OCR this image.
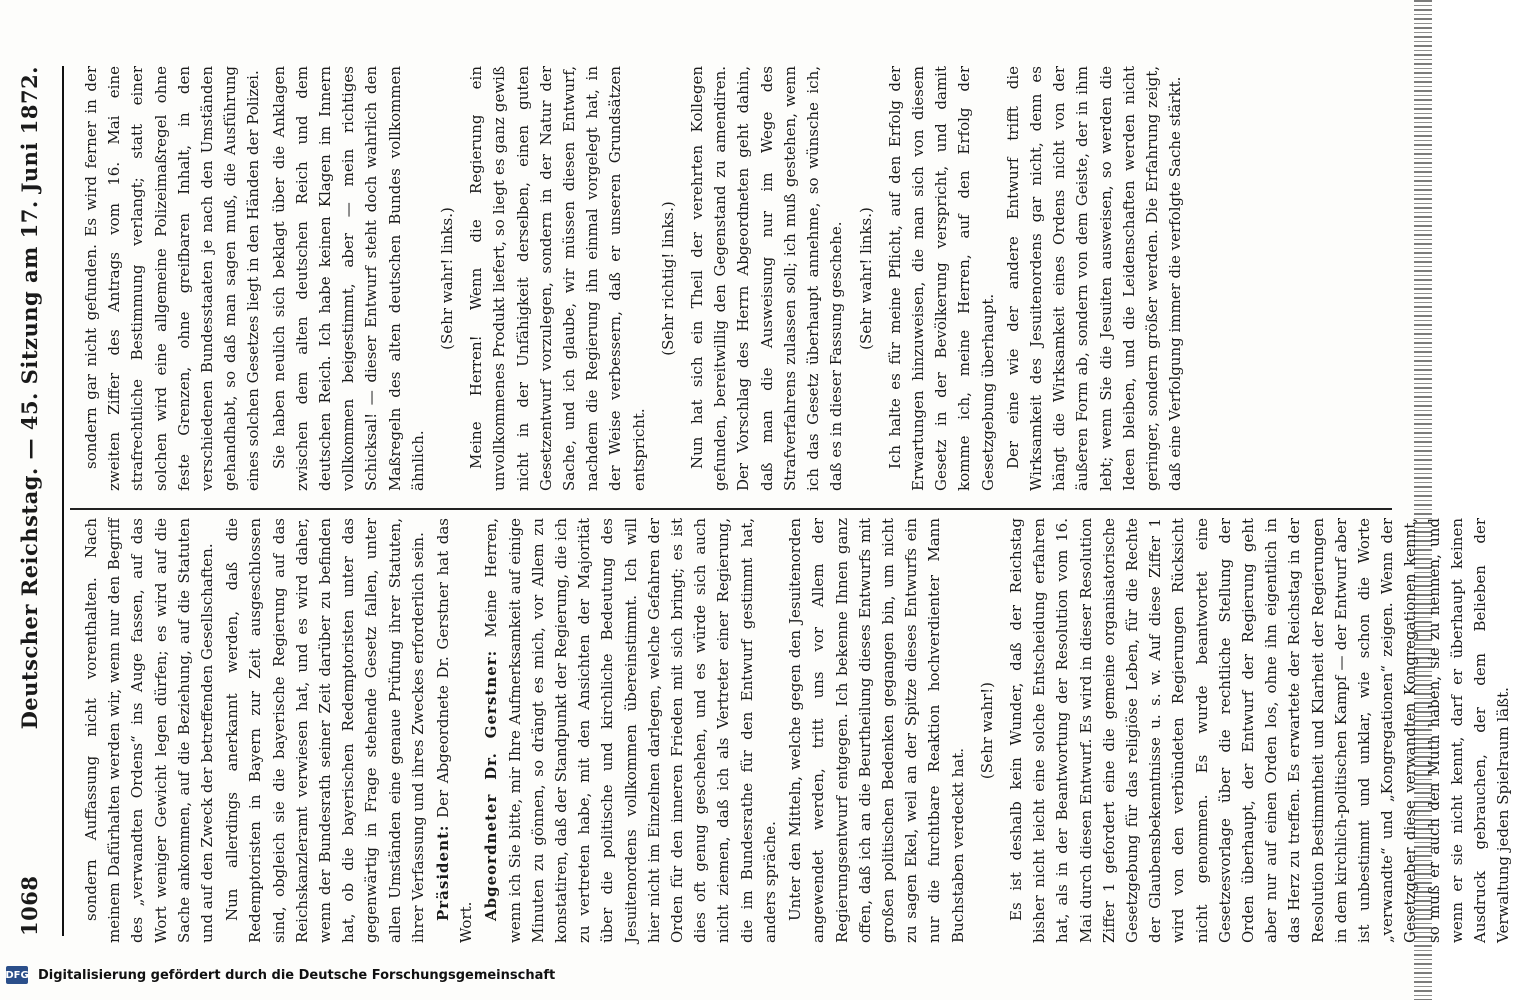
1068
Deutscher Reichstag. — 45. Sitzung am 17. Juni 1872.	sondern gar nicht gefunden. Es wird ferner in der zweiten Ziffer des Antrags vom 16. Mai eine strafrechtliche Bestimmung verlangt; statt einer solchen wird eine allgemeine Polizeimaßregel ohne feste Grenzen, ohne greifbaren Inhalt, in den verschiedenen Bundesstaaten je nach den Umständen gehandhabt, so daß man sagen muß, die Ausführung eines solchen Gesetzes liegt in den Händen der Polizei. Sie haben neulich sich beklagt über die Anklagen zwischen dem alten deutschen Reich und dem deutschen Reich. Ich habe keinen Klagen im Innern vollkommen beigestimmt, aber — mein richtiges Schicksal! — dieser Entwurf steht doch wahrlich den Maßregeln des alten deutschen Bundes vollkommen ähnlich.

(Sehr wahr! links.) Meine Herren! Wenn die Regierung ein unvollkommenes Produkt liefert, so liegt es ganz gewiß nicht in der Unfähigkeit derselben, einen guten Gesetzentwurf vorzulegen, sondern in der Natur der Sache, und ich glaube, wir müssen diesen Entwurf, nachdem die Regierung ihn einmal vorgelegt hat, in der Weise verbessern, daß er unseren Grundsätzen entspricht.

(Sehr richtig! links.) Nun hat sich ein Theil der verehrten Kollegen gefunden, bereitwillig den Gegenstand zu amendiren. Der Vorschlag des Herrn Abgeordneten geht dahin, daß man die Ausweisung nur im Wege des Strafverfahrens zulassen soll; ich muß gestehen, wenn ich das Gesetz überhaupt annehme, so wünsche ich, daß es in dieser Fassung geschehe. (Sehr wahr! links.) Ich halte es für meine Pflicht, auf den Erfolg der Erwartungen hinzuweisen, die man sich von diesem Gesetz in der Bevölkerung verspricht, und damit komme ich, meine Herren, auf den Erfolg der Gesetzgebung überhaupt. Der eine wie der andere Entwurf trifft die Wirksamkeit des Jesuitenordens gar nicht, denn es hängt die Wirksamkeit eines Ordens nicht von der äußeren Form ab, sondern von dem Geiste, der in ihm lebt; wenn Sie die Jesuiten ausweisen, so werden die Ideen bleiben, und die Leidenschaften werden nicht geringer, sondern größer werden. Die Erfahrung zeigt, daß eine Verfolgung immer die verfolgte Sache stärkt.

sondern Auffassung nicht vorenthalten. Nach meinem Dafürhalten werden wir, wenn nur den Begriff des „verwandten Ordens“ ins Auge fassen, auf das Wort weniger Gewicht legen dürfen; es wird auf die Sache ankommen, auf die Beziehung, auf die Statuten und auf den Zweck der betreffenden Gesellschaften. Nun allerdings anerkannt werden, daß die Redemptoristen in Bayern zur Zeit ausgeschlossen sind, obgleich sie die bayerische Regierung auf das Reichskanzleramt verwiesen hat, und es wird daher, wenn der Bundesrath seiner Zeit darüber zu befinden hat, ob die bayerischen Redemptoristen unter das gegenwärtig in Frage stehende Gesetz fallen, unter allen Umständen eine genaue Prüfung ihrer Statuten, ihrer Verfassung und ihres Zweckes erforderlich sein. Präsident: Der Abgeordnete Dr. Gerstner hat das Wort.

Abgeordneter Dr. Gerstner: Meine Herren, wenn ich Sie bitte, mir Ihre Aufmerksamkeit auf einige Minuten zu gönnen, so drängt es mich, vor Allem zu konstatiren, daß der Standpunkt der Regierung, die ich zu vertreten habe, mit den Ansichten der Majorität über die politische und kirchliche Bedeutung des Jesuitenordens vollkommen übereinstimmt. Ich will hier nicht im Einzelnen darlegen, welche Gefahren der Orden für den inneren Frieden mit sich bringt; es ist dies oft genug geschehen, und es würde sich auch nicht ziemen, daß ich als Vertreter einer Regierung, die im Bundesrathe für den Entwurf gestimmt hat, anders spräche. Unter den Mitteln, welche gegen den Jesuitenorden angewendet werden, tritt uns vor Allem der Regierungsentwurf entgegen. Ich bekenne Ihnen ganz offen, daß ich an die Beurtheilung dieses Entwurfs mit großen politischen Bedenken gegangen bin, um nicht zu sagen Ekel, weil an der Spitze dieses Entwurfs ein nur die furchtbare Reaktion hochverdienter Mann Buchstaben verdeckt hat.

(Sehr wahr!) Es ist deshalb kein Wunder, daß der Reichstag bisher nicht leicht eine solche Entscheidung erfahren hat, als in der Beantwortung der Resolution vom 16. Mai durch diesen Entwurf. Es wird in dieser Resolution Ziffer 1 gefordert eine die gemeine organisatorische Gesetzgebung für das religiöse Leben, für die Rechte der Glaubensbekenntnisse u. s. w. Auf diese Ziffer 1 wird von den verbündeten Regierungen Rücksicht nicht genommen. Es wurde beantwortet eine Gesetzesvorlage über die rechtliche Stellung der Orden überhaupt, der Entwurf der Regierung geht aber nur auf einen Orden los, ohne ihn eigentlich in das Herz zu treffen. Es erwartete der Reichstag in der Resolution Bestimmtheit und Klarheit der Regierungen in dem kirchlich-politischen Kampf — der Entwurf aber ist unbestimmt und unklar, wie schon die Worte „verwandte“ und „Kongregationen“ zeigen. Wenn der Gesetzgeber diese verwandten Kongregationen kennt, so muß er auch den Muth haben, sie zu nennen, und wenn er sie nicht kennt, darf er überhaupt keinen Ausdruck gebrauchen, der dem Belieben der Verwaltung jeden Spielraum läßt.

DFG Digitalisierung gefördert durch die Deutsche Forschungsgemeinschaft
